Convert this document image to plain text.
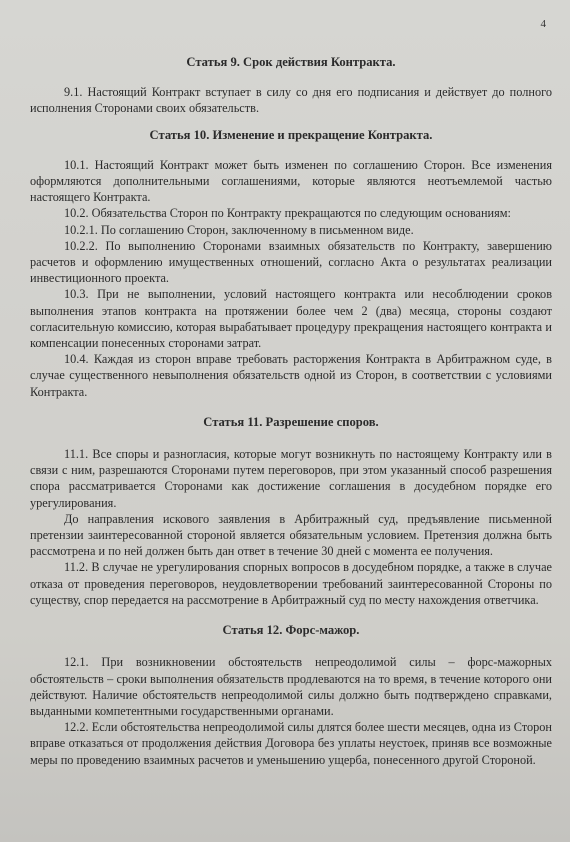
4
Статья 9. Срок действия Контракта.

9.1. Настоящий Контракт вступает в силу со дня его подписания и действует до полного исполнения Сторонами своих обязательств.

Статья 10. Изменение и прекращение Контракта.

10.1. Настоящий Контракт может быть изменен по соглашению Сторон. Все изменения оформляются дополнительными соглашениями, которые являются неотъемлемой частью настоящего Контракта.

10.2. Обязательства Сторон по Контракту прекращаются по следующим основаниям:

10.2.1. По соглашению Сторон, заключенному в письменном виде.

10.2.2. По выполнению Сторонами взаимных обязательств по Контракту, завершению расчетов и оформлению имущественных отношений, согласно Акта о результатах реализации инвестиционного проекта.

10.3. При не выполнении, условий настоящего контракта или несоблюдении сроков выполнения этапов контракта на протяжении более чем 2 (два) месяца, стороны создают согласительную комиссию, которая вырабатывает процедуру прекращения настоящего контракта и компенсации понесенных сторонами затрат.

10.4. Каждая из сторон вправе требовать расторжения Контракта в Арбитражном суде, в случае существенного невыполнения обязательств одной из Сторон, в соответствии с условиями Контракта.

Статья 11. Разрешение споров.

11.1. Все споры и разногласия, которые могут возникнуть по настоящему Контракту или в связи с ним, разрешаются Сторонами путем переговоров, при этом указанный способ разрешения спора рассматривается Сторонами как достижение соглашения в досудебном порядке его урегулирования.

До направления искового заявления в Арбитражный суд, предъявление письменной претензии заинтересованной стороной является обязательным условием. Претензия должна быть рассмотрена и по ней должен быть дан ответ в течение 30 дней с момента ее получения.

11.2. В случае не урегулирования спорных вопросов в досудебном порядке, а также в случае отказа от проведения переговоров, неудовлетворении требований заинтересованной Стороны по существу, спор передается на рассмотрение в Арбитражный суд по месту нахождения ответчика.

Статья 12. Форс-мажор.

12.1. При возникновении обстоятельств непреодолимой силы – форс-мажорных обстоятельств – сроки выполнения обязательств продлеваются на то время, в течение которого они действуют. Наличие обстоятельств непреодолимой силы должно быть подтверждено справками, выданными компетентными государственными органами.

12.2. Если обстоятельства непреодолимой силы длятся более шести месяцев, одна из Сторон вправе отказаться от продолжения действия Договора без уплаты неустоек, приняв все возможные меры по проведению взаимных расчетов и уменьшению ущерба, понесенного другой Стороной.
